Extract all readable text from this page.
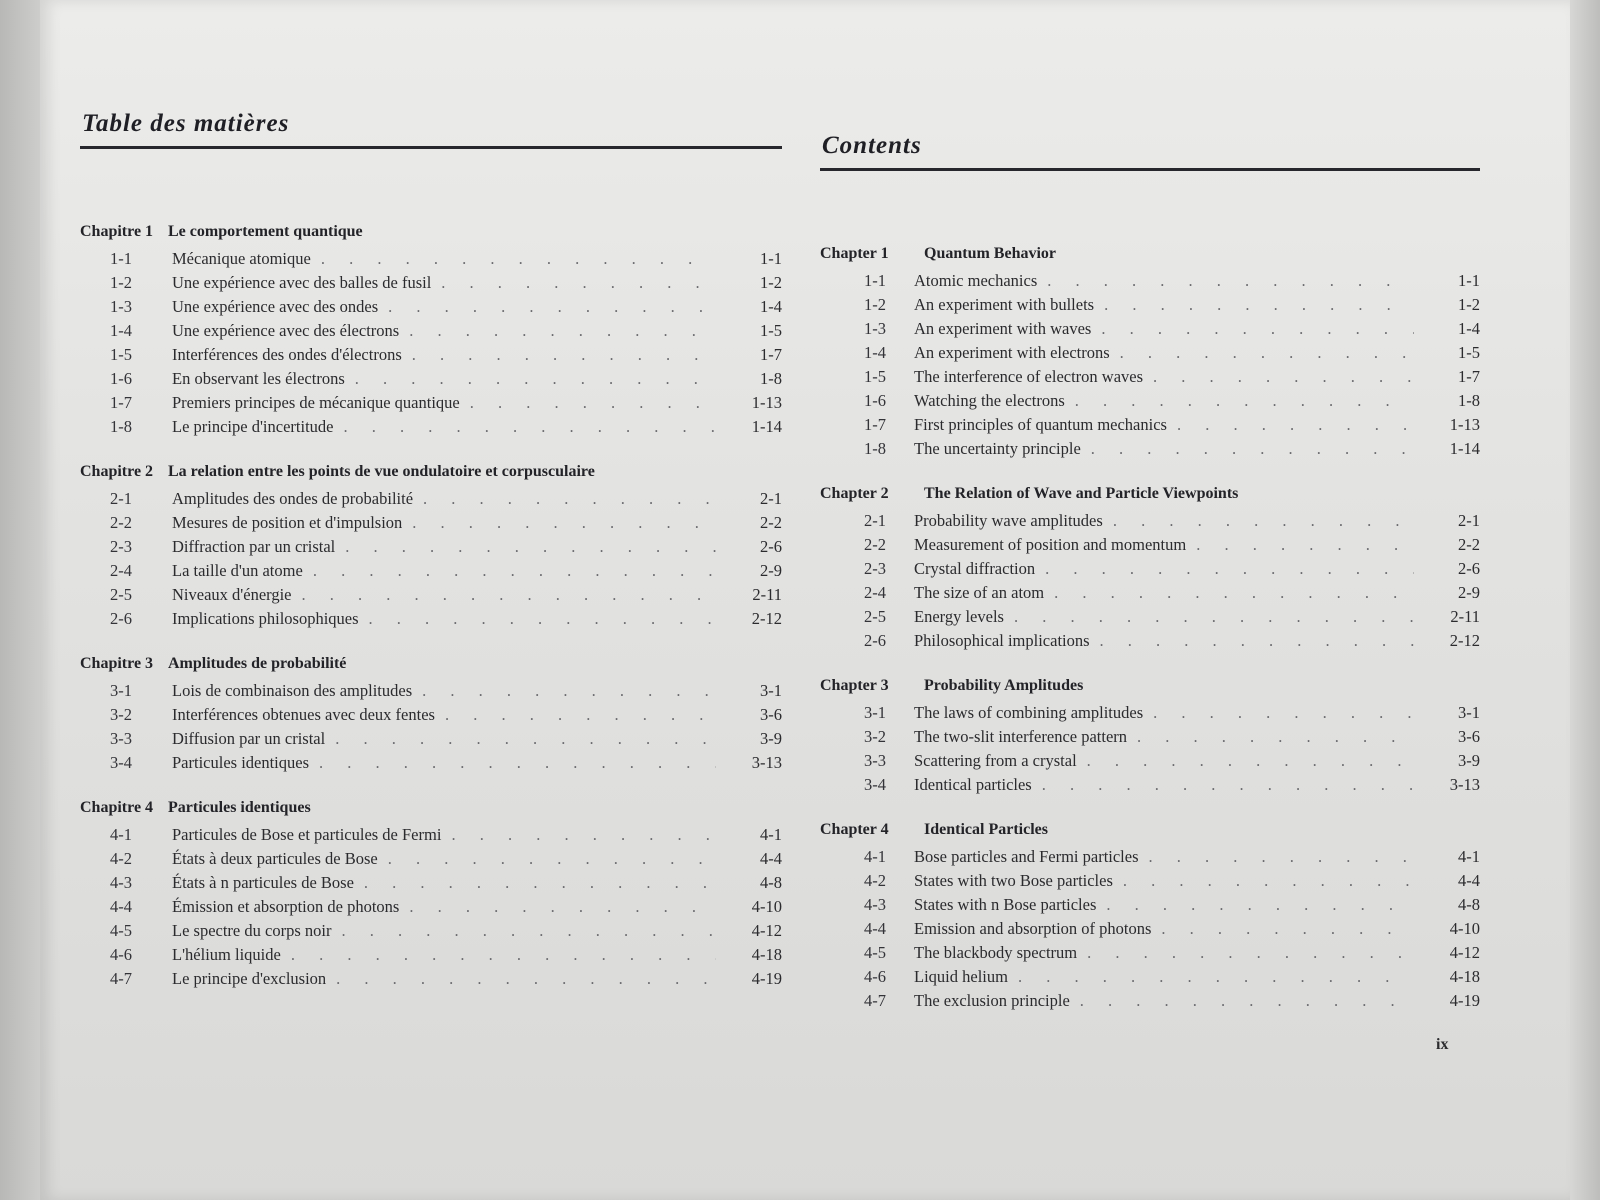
Table des matières
Chapitre 1 Le comportement quantique
1-1 Mécanique atomique . . .	1-1
1-2 Une expérience avec des balles de fusil . . .	1-2
1-3 Une expérience avec des ondes . . .	1-4
1-4 Une expérience avec des électrons . . .	1-5
1-5 Interférences des ondes d'électrons . . .	1-7
1-6 En observant les électrons . . .	1-8
1-7 Premiers principes de mécanique quantique . . .	1-13
1-8 Le principe d'incertitude . . .	1-14
Chapitre 2 La relation entre les points de vue ondulatoire et corpusculaire
2-1 Amplitudes des ondes de probabilité . . .	2-1
2-2 Mesures de position et d'impulsion . . .	2-2
2-3 Diffraction par un cristal . . .	2-6
2-4 La taille d'un atome . . .	2-9
2-5 Niveaux d'énergie . . .	2-11
2-6 Implications philosophiques . . .	2-12
Chapitre 3 Amplitudes de probabilité
3-1 Lois de combinaison des amplitudes . . .	3-1
3-2 Interférences obtenues avec deux fentes . . .	3-6
3-3 Diffusion par un cristal . . .	3-9
3-4 Particules identiques . . .	3-13
Chapitre 4 Particules identiques
4-1 Particules de Bose et particules de Fermi . . .	4-1
4-2 États à deux particules de Bose . . .	4-4
4-3 États à n particules de Bose . . .	4-8
4-4 Émission et absorption de photons . . .	4-10
4-5 Le spectre du corps noir . . .	4-12
4-6 L'hélium liquide . . .	4-18
4-7 Le principe d'exclusion . . .	4-19
Contents
Chapter 1	Quantum Behavior
1-1 Atomic mechanics . . .	1-1
1-2 An experiment with bullets . . .	1-2
1-3 An experiment with waves . . .	1-4
1-4 An experiment with electrons . . .	1-5
1-5 The interference of electron waves . . .	1-7
1-6 Watching the electrons . . .	1-8
1-7 First principles of quantum mechanics . . .	1-13
1-8 The uncertainty principle . . .	1-14
Chapter 2	The Relation of Wave and Particle Viewpoints
2-1 Probability wave amplitudes . . .	2-1
2-2 Measurement of position and momentum . . .	2-2
2-3 Crystal diffraction . . .	2-6
2-4 The size of an atom . . .	2-9
2-5 Energy levels . . .	2-11
2-6 Philosophical implications . . .	2-12
Chapter 3	Probability Amplitudes
3-1 The laws of combining amplitudes . . .	3-1
3-2 The two-slit interference pattern . . .	3-6
3-3 Scattering from a crystal . . .	3-9
3-4 Identical particles . . .	3-13
Chapter 4	Identical Particles
4-1 Bose particles and Fermi particles . . .	4-1
4-2 States with two Bose particles . . .	4-4
4-3 States with n Bose particles . . .	4-8
4-4 Emission and absorption of photons . . .	4-10
4-5 The blackbody spectrum . . .	4-12
4-6 Liquid helium . . .	4-18
4-7 The exclusion principle . . .	4-19
ix
